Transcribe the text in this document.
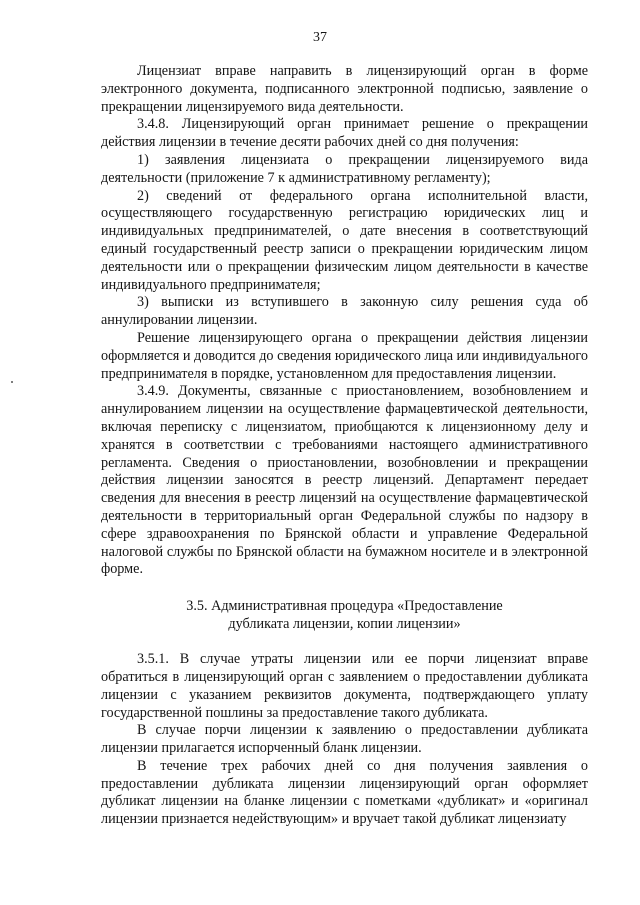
37

Лицензиат вправе направить в лицензирующий орган в форме электронного документа, подписанного электронной подписью, заявление о прекращении лицензируемого вида деятельности.

3.4.8. Лицензирующий орган принимает решение о прекращении действия лицензии в течение десяти рабочих дней со дня получения:

1) заявления лицензиата о прекращении лицензируемого вида деятельности (приложение 7 к административному регламенту);

2) сведений от федерального органа исполнительной власти, осуществляющего государственную регистрацию юридических лиц и индивидуальных предпринимателей, о дате внесения в соответствующий единый государственный реестр записи о прекращении юридическим лицом деятельности или о прекращении физическим лицом деятельности в качестве индивидуального предпринимателя;

3) выписки из вступившего в законную силу решения суда об аннулировании лицензии.

Решение лицензирующего органа о прекращении действия лицензии оформляется и доводится до сведения юридического лица или индивидуального предпринимателя в порядке, установленном для предоставления лицензии.

3.4.9. Документы, связанные с приостановлением, возобновлением и аннулированием лицензии на осуществление фармацевтической деятельности, включая переписку с лицензиатом, приобщаются к лицензионному делу и хранятся в соответствии с требованиями настоящего административного регламента. Сведения о приостановлении, возобновлении и прекращении действия лицензии заносятся в реестр лицензий. Департамент передает сведения для внесения в реестр лицензий на осуществление фармацевтической деятельности в территориальный орган Федеральной службы по надзору в сфере здравоохранения по Брянской области и управление Федеральной налоговой службы по Брянской области на бумажном носителе и в электронной форме.

3.5. Административная процедура «Предоставление

дубликата лицензии, копии лицензии»

3.5.1. В случае утраты лицензии или ее порчи лицензиат вправе обратиться в лицензирующий орган с заявлением о предоставлении дубликата лицензии с указанием реквизитов документа, подтверждающего уплату государственной пошлины за предоставление такого дубликата.

В случае порчи лицензии к заявлению о предоставлении дубликата лицензии прилагается испорченный бланк лицензии.

В течение трех рабочих дней со дня получения заявления о предоставлении дубликата лицензии лицензирующий орган оформляет дубликат лицензии на бланке лицензии с пометками «дубликат» и «оригинал лицензии признается недействующим» и вручает такой дубликат лицензиату
